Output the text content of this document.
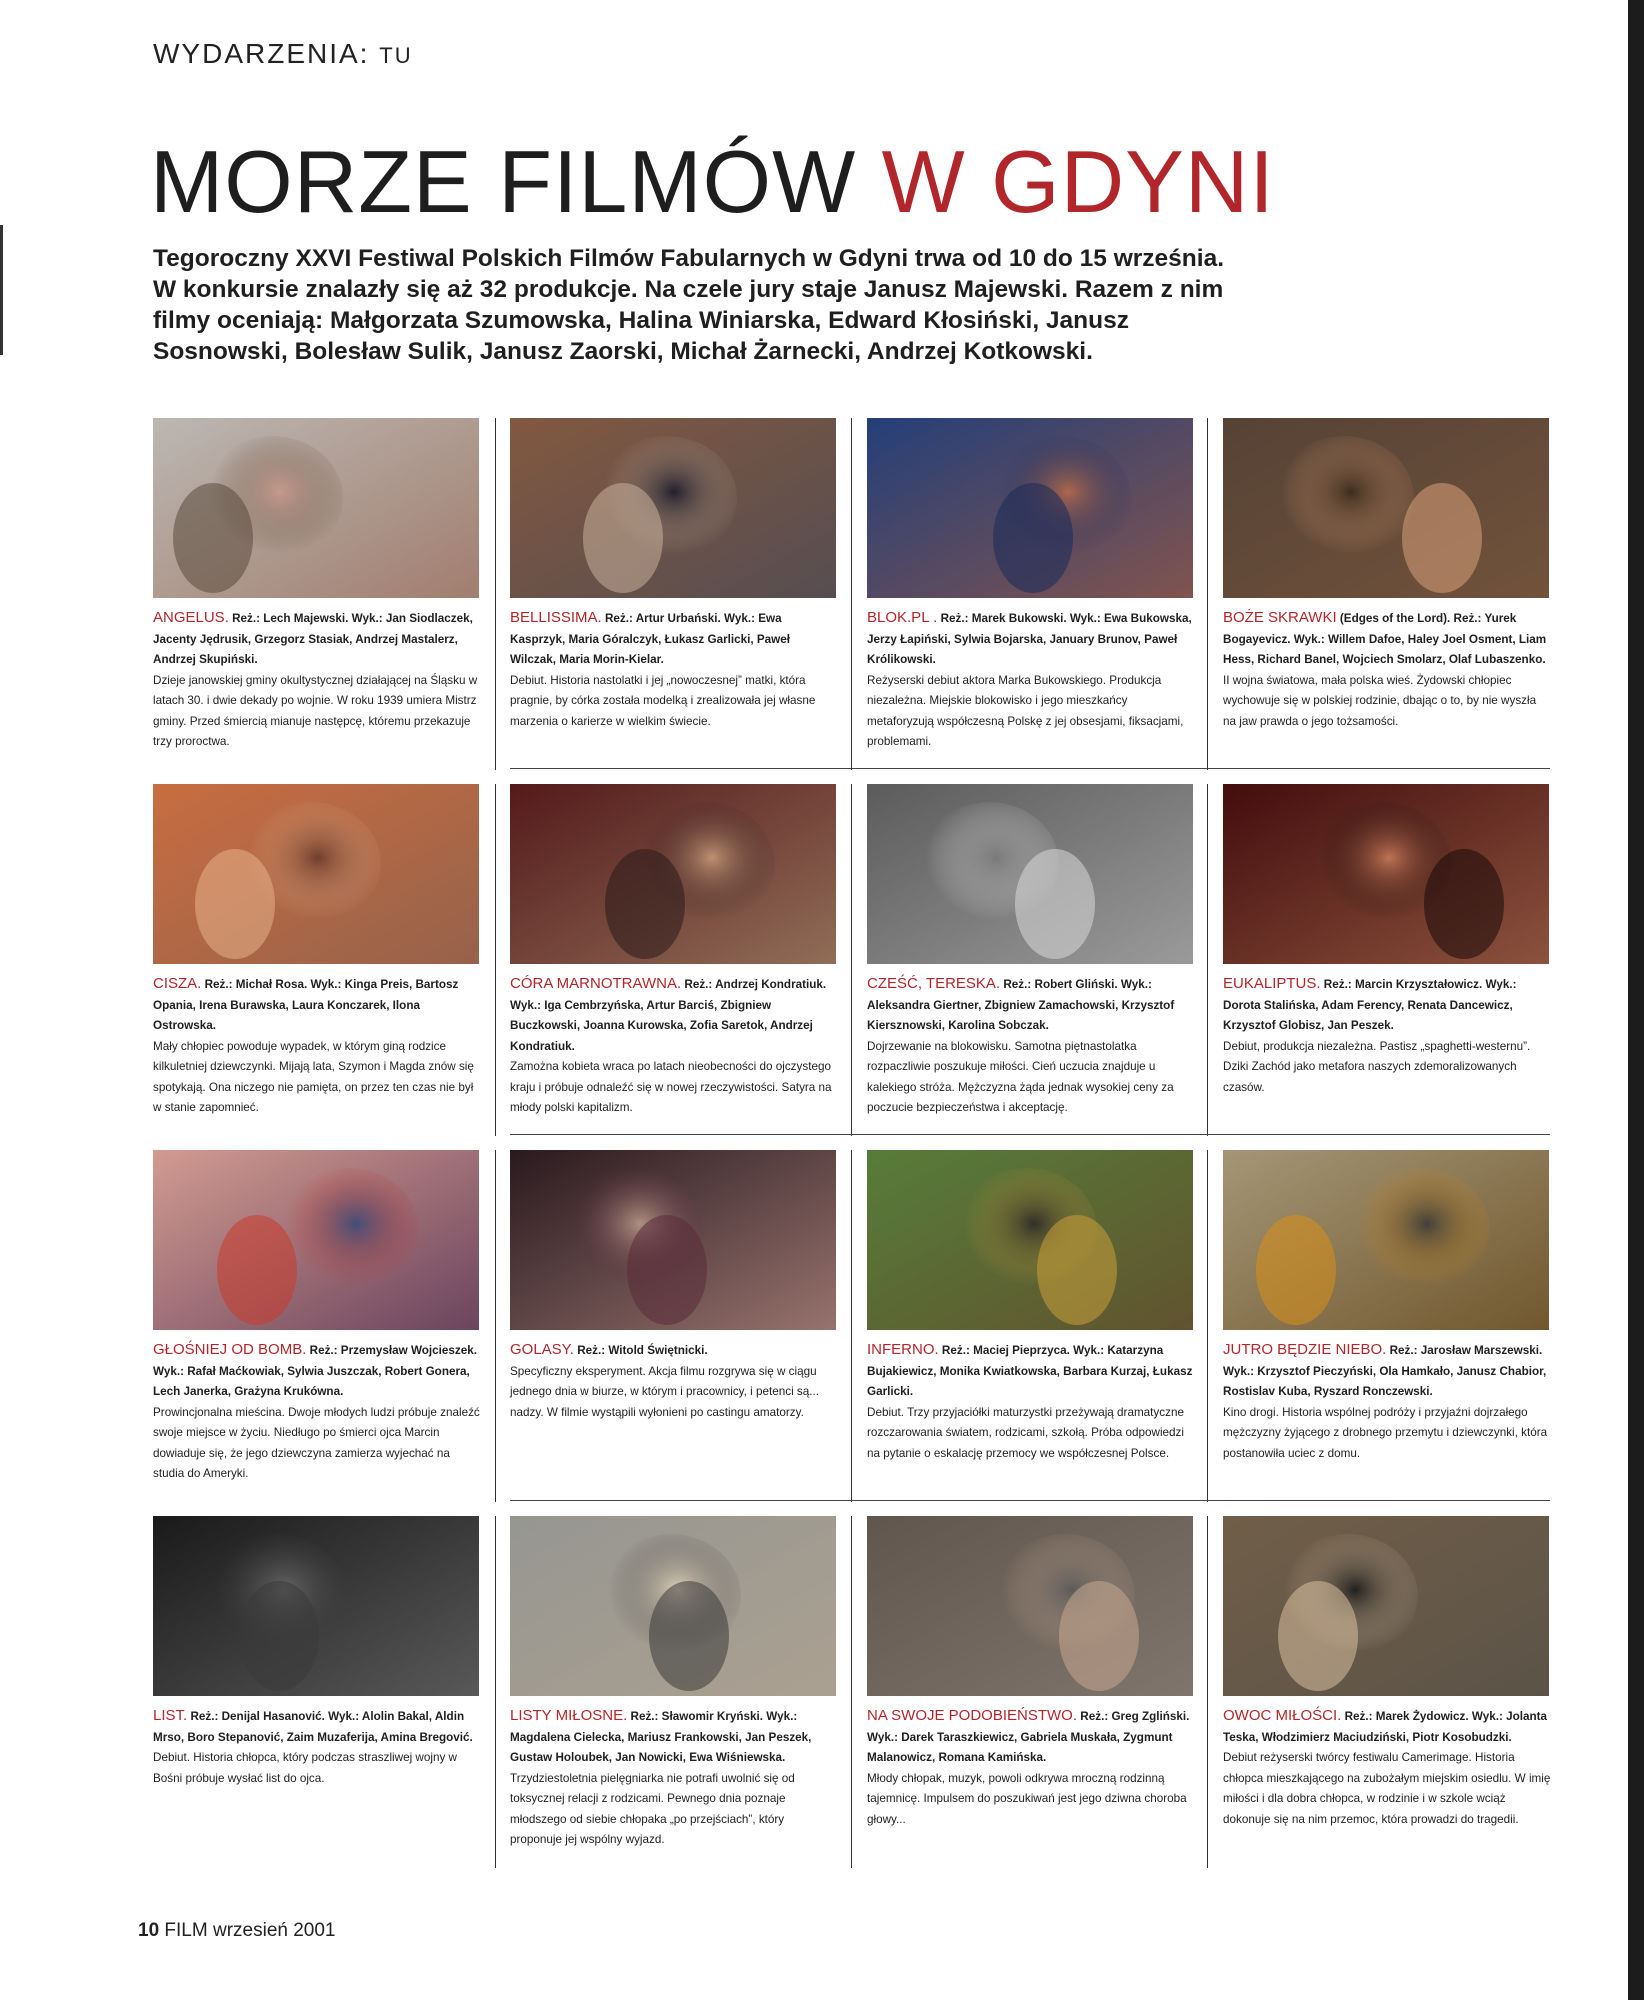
WYDARZENIA: TU
MORZE FILMÓW W GDYNI

Tegoroczny XXVI Festiwal Polskich Filmów Fabularnych w Gdyni trwa od 10 do 15 września. W konkursie znalazły się aż 32 produkcje. Na czele jury staje Janusz Majewski. Razem z nim filmy oceniają: Małgorzata Szumowska, Halina Winiarska, Edward Kłosiński, Janusz Sosnowski, Bolesław Sulik, Janusz Zaorski, Michał Żarnecki, Andrzej Kotkowski.

ANGELUS. Reż.: Lech Majewski. Wyk.: Jan Siodlaczek, Jacenty Jędrusik, Grzegorz Stasiak, Andrzej Mastalerz, Andrzej Skupiński.
Dzieje janowskiej gminy okultystycznej działającej na Śląsku w latach 30. i dwie dekady po wojnie. W roku 1939 umiera Mistrz gminy. Przed śmiercią mianuje następcę, któremu przekazuje trzy proroctwa.
BELLISSIMA. Reż.: Artur Urbański. Wyk.: Ewa Kasprzyk, Maria Góralczyk, Łukasz Garlicki, Paweł Wilczak, Maria Morin-Kielar.
Debiut. Historia nastolatki i jej „nowoczesnej” matki, która pragnie, by córka została modelką i zrealizowała jej własne marzenia o karierze w wielkim świecie.
BLOK.PL . Reż.: Marek Bukowski. Wyk.: Ewa Bukowska, Jerzy Łapiński, Sylwia Bojarska, January Brunov, Paweł Królikowski.
Reżyserski debiut aktora Marka Bukowskiego. Produkcja niezależna. Miejskie blokowisko i jego mieszkańcy metaforyzują współczesną Polskę z jej obsesjami, fiksacjami, problemami.
BOŻE SKRAWKI (Edges of the Lord). Reż.: Yurek Bogayevicz. Wyk.: Willem Dafoe, Haley Joel Osment, Liam Hess, Richard Banel, Wojciech Smolarz, Olaf Lubaszenko.
II wojna światowa, mała polska wieś. Żydowski chłopiec wychowuje się w polskiej rodzinie, dbając o to, by nie wyszła na jaw prawda o jego tożsamości.
CISZA. Reż.: Michał Rosa. Wyk.: Kinga Preis, Bartosz Opania, Irena Burawska, Laura Konczarek, Ilona Ostrowska.
Mały chłopiec powoduje wypadek, w którym giną rodzice kilkuletniej dziewczynki. Mijają lata, Szymon i Magda znów się spotykają. Ona niczego nie pamięta, on przez ten czas nie był w stanie zapomnieć.
CÓRA MARNOTRAWNA. Reż.: Andrzej Kondratiuk. Wyk.: Iga Cembrzyńska, Artur Barciś, Zbigniew Buczkowski, Joanna Kurowska, Zofia Saretok, Andrzej Kondratiuk.
Zamożna kobieta wraca po latach nieobecności do ojczystego kraju i próbuje odnaleźć się w nowej rzeczywistości. Satyra na młody polski kapitalizm.
CZEŚĆ, TERESKA. Reż.: Robert Gliński. Wyk.: Aleksandra Giertner, Zbigniew Zamachowski, Krzysztof Kiersznowski, Karolina Sobczak.
Dojrzewanie na blokowisku. Samotna piętnastolatka rozpaczliwie poszukuje miłości. Cień uczucia znajduje u kalekiego stróża. Mężczyzna żąda jednak wysokiej ceny za poczucie bezpieczeństwa i akceptację.
EUKALIPTUS. Reż.: Marcin Krzyształowicz. Wyk.: Dorota Stalińska, Adam Ferency, Renata Dancewicz, Krzysztof Globisz, Jan Peszek.
Debiut, produkcja niezależna. Pastisz „spaghetti-westernu”. Dziki Zachód jako metafora naszych zdemoralizowanych czasów.
GŁOŚNIEJ OD BOMB. Reż.: Przemysław Wojcieszek. Wyk.: Rafał Maćkowiak, Sylwia Juszczak, Robert Gonera, Lech Janerka, Grażyna Krukówna.
Prowincjonalna mieścina. Dwoje młodych ludzi próbuje znaleźć swoje miejsce w życiu. Niedługo po śmierci ojca Marcin dowiaduje się, że jego dziewczyna zamierza wyjechać na studia do Ameryki.
GOLASY. Reż.: Witold Świętnicki.
Specyficzny eksperyment. Akcja filmu rozgrywa się w ciągu jednego dnia w biurze, w którym i pracownicy, i petenci są... nadzy. W filmie wystąpili wyłonieni po castingu amatorzy.
INFERNO. Reż.: Maciej Pieprzyca. Wyk.: Katarzyna Bujakiewicz, Monika Kwiatkowska, Barbara Kurzaj, Łukasz Garlicki.
Debiut. Trzy przyjaciółki maturzystki przeżywają dramatyczne rozczarowania światem, rodzicami, szkołą. Próba odpowiedzi na pytanie o eskalację przemocy we współczesnej Polsce.
JUTRO BĘDZIE NIEBO. Reż.: Jarosław Marszewski. Wyk.: Krzysztof Pieczyński, Ola Hamkało, Janusz Chabior, Rostislav Kuba, Ryszard Ronczewski.
Kino drogi. Historia wspólnej podróży i przyjaźni dojrzałego mężczyzny żyjącego z drobnego przemytu i dziewczynki, która postanowiła uciec z domu.
LIST. Reż.: Denijal Hasanović. Wyk.: Alolin Bakal, Aldin Mrso, Boro Stepanović, Zaim Muzaferija, Amina Bregović.
Debiut. Historia chłopca, który podczas straszliwej wojny w Bośni próbuje wysłać list do ojca.
LISTY MIŁOSNE. Reż.: Sławomir Kryński. Wyk.: Magdalena Cielecka, Mariusz Frankowski, Jan Peszek, Gustaw Holoubek, Jan Nowicki, Ewa Wiśniewska.
Trzydziestoletnia pielęgniarka nie potrafi uwolnić się od toksycznej relacji z rodzicami. Pewnego dnia poznaje młodszego od siebie chłopaka „po przejściach”, który proponuje jej wspólny wyjazd.
NA SWOJE PODOBIEŃSTWO. Reż.: Greg Zgliński. Wyk.: Darek Taraszkiewicz, Gabriela Muskała, Zygmunt Malanowicz, Romana Kamińska.
Młody chłopak, muzyk, powoli odkrywa mroczną rodzinną tajemnicę. Impulsem do poszukiwań jest jego dziwna choroba głowy...
OWOC MIŁOŚCI. Reż.: Marek Żydowicz. Wyk.: Jolanta Teska, Włodzimierz Maciudziński, Piotr Kosobudzki.
Debiut reżyserski twórcy festiwalu Camerimage. Historia chłopca mieszkającego na zubożałym miejskim osiedlu. W imię miłości i dla dobra chłopca, w rodzinie i w szkole wciąż dokonuje się na nim przemoc, która prowadzi do tragedii.
10 FILM wrzesień 2001
